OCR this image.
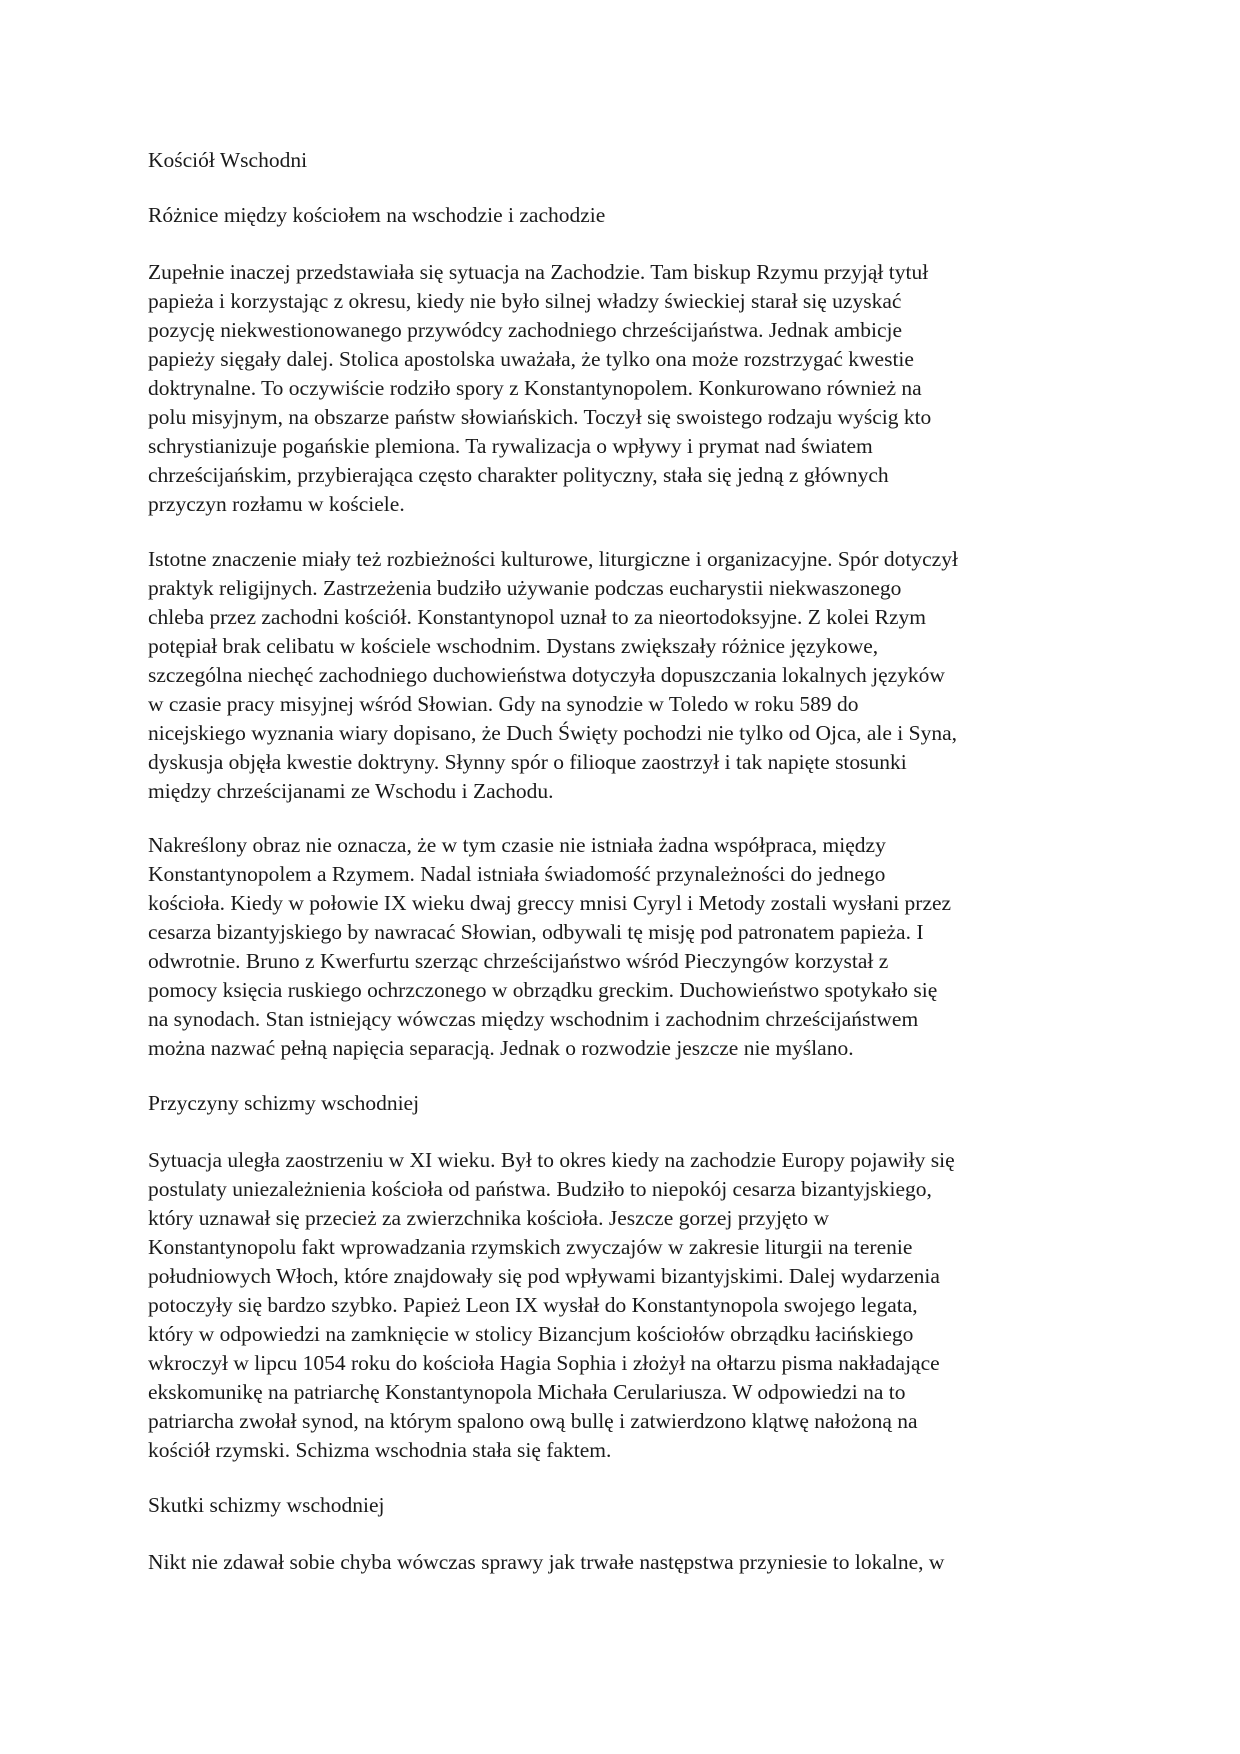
Kościół Wschodni

Różnice między kościołem na wschodzie i zachodzie

Zupełnie inaczej przedstawiała się sytuacja na Zachodzie. Tam biskup Rzymu przyjął tytuł
papieża i korzystając z okresu, kiedy nie było silnej władzy świeckiej starał się uzyskać
pozycję niekwestionowanego przywódcy zachodniego chrześcijaństwa. Jednak ambicje
papieży sięgały dalej. Stolica apostolska uważała, że tylko ona może rozstrzygać kwestie
doktrynalne. To oczywiście rodziło spory z Konstantynopolem. Konkurowano również na
polu misyjnym, na obszarze państw słowiańskich. Toczył się swoistego rodzaju wyścig kto
schrystianizuje pogańskie plemiona. Ta rywalizacja o wpływy i prymat nad światem
chrześcijańskim, przybierająca często charakter polityczny, stała się jedną z głównych
przyczyn rozłamu w kościele.
Istotne znaczenie miały też rozbieżności kulturowe, liturgiczne i organizacyjne. Spór dotyczył
praktyk religijnych. Zastrzeżenia budziło używanie podczas eucharystii niekwaszonego
chleba przez zachodni kościół. Konstantynopol uznał to za nieortodoksyjne. Z kolei Rzym
potępiał brak celibatu w kościele wschodnim. Dystans zwiększały różnice językowe,
szczególna niechęć zachodniego duchowieństwa dotyczyła dopuszczania lokalnych języków
w czasie pracy misyjnej wśród Słowian. Gdy na synodzie w Toledo w roku 589 do
nicejskiego wyznania wiary dopisano, że Duch Święty pochodzi nie tylko od Ojca, ale i Syna,
dyskusja objęła kwestie doktryny. Słynny spór o filioque zaostrzył i tak napięte stosunki
między chrześcijanami ze Wschodu i Zachodu.
Nakreślony obraz nie oznacza, że w tym czasie nie istniała żadna współpraca, między
Konstantynopolem a Rzymem. Nadal istniała świadomość przynależności do jednego
kościoła. Kiedy w połowie IX wieku dwaj greccy mnisi Cyryl i Metody zostali wysłani przez
cesarza bizantyjskiego by nawracać Słowian, odbywali tę misję pod patronatem papieża. I
odwrotnie. Bruno z Kwerfurtu szerząc chrześcijaństwo wśród Pieczyngów korzystał z
pomocy księcia ruskiego ochrzczonego w obrządku greckim. Duchowieństwo spotykało się
na synodach. Stan istniejący wówczas między wschodnim i zachodnim chrześcijaństwem
można nazwać pełną napięcia separacją. Jednak o rozwodzie jeszcze nie myślano.

Przyczyny schizmy wschodniej

Sytuacja uległa zaostrzeniu w XI wieku. Był to okres kiedy na zachodzie Europy pojawiły się
postulaty uniezależnienia kościoła od państwa. Budziło to niepokój cesarza bizantyjskiego,
który uznawał się przecież za zwierzchnika kościoła. Jeszcze gorzej przyjęto w
Konstantynopolu fakt wprowadzania rzymskich zwyczajów w zakresie liturgii na terenie
południowych Włoch, które znajdowały się pod wpływami bizantyjskimi. Dalej wydarzenia
potoczyły się bardzo szybko. Papież Leon IX wysłał do Konstantynopola swojego legata,
który w odpowiedzi na zamknięcie w stolicy Bizancjum kościołów obrządku łacińskiego
wkroczył w lipcu 1054 roku do kościoła Hagia Sophia i złożył na ołtarzu pisma nakładające
ekskomunikę na patriarchę Konstantynopola Michała Cerulariusza. W odpowiedzi na to
patriarcha zwołał synod, na którym spalono ową bullę i zatwierdzono klątwę nałożoną na
kościół rzymski. Schizma wschodnia stała się faktem.

Skutki schizmy wschodniej

Nikt nie zdawał sobie chyba wówczas sprawy jak trwałe następstwa przyniesie to lokalne, w
